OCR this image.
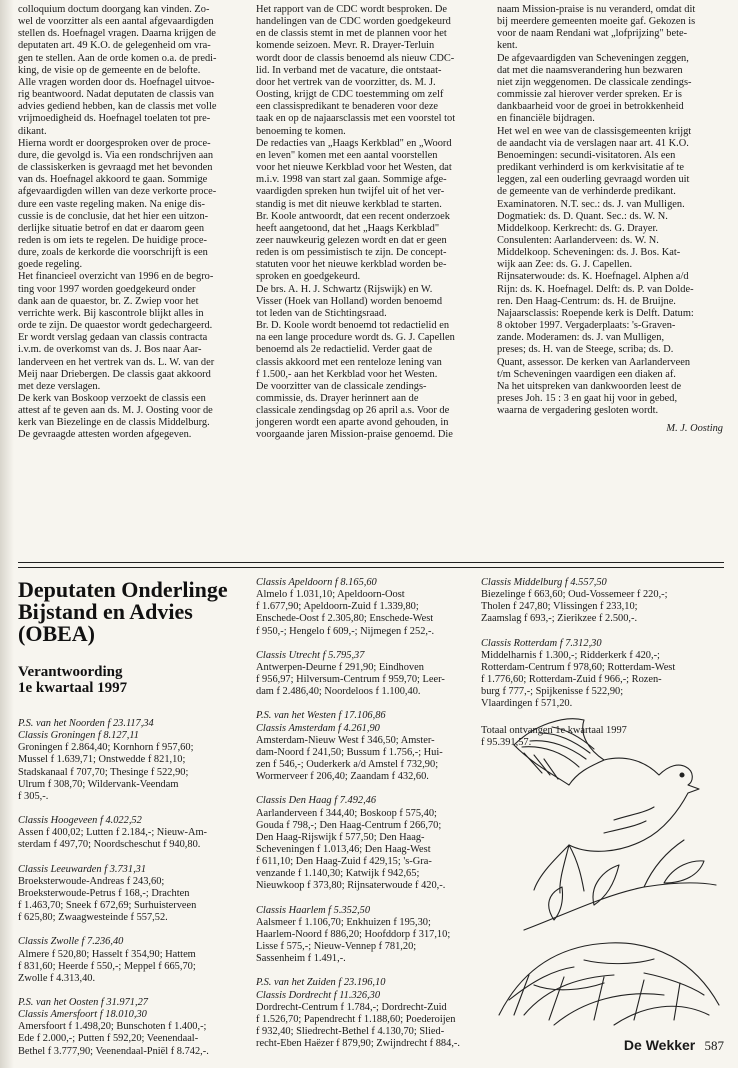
colloquium doctum doorgang kan vinden. Zo-

wel de voorzitter als een aantal afgevaardigden

stellen ds. Hoefnagel vragen. Daarna krijgen de

deputaten art. 49 K.O. de gelegenheid om vra-

gen te stellen. Aan de orde komen o.a. de predi-

king, de visie op de gemeente en de belofte.

Alle vragen worden door ds. Hoefnagel uitvoe-

rig beantwoord. Nadat deputaten de classis van

advies gediend hebben, kan de classis met volle

vrijmoedigheid ds. Hoefnagel toelaten tot pre-

dikant.

Hierna wordt er doorgesproken over de proce-

dure, die gevolgd is. Via een rondschrijven aan

de classiskerken is gevraagd met het bevonden

van ds. Hoefnagel akkoord te gaan. Sommige

afgevaardigden willen van deze verkorte proce-

dure een vaste regeling maken. Na enige dis-

cussie is de conclusie, dat het hier een uitzon-

derlijke situatie betrof en dat er daarom geen

reden is om iets te regelen. De huidige proce-

dure, zoals de kerkorde die voorschrijft is een

goede regeling.

Het financieel overzicht van 1996 en de begro-

ting voor 1997 worden goedgekeurd onder

dank aan de quaestor, br. Z. Zwiep voor het

verrichte werk. Bij kascontrole blijkt alles in

orde te zijn. De quaestor wordt gedechargeerd.

Er wordt verslag gedaan van classis contracta

i.v.m. de overkomst van ds. J. Bos naar Aar-

landerveen en het vertrek van ds. L. W. van der

Meij naar Driebergen. De classis gaat akkoord

met deze verslagen.

De kerk van Boskoop verzoekt de classis een

attest af te geven aan ds. M. J. Oosting voor de

kerk van Biezelinge en de classis Middelburg.

De gevraagde attesten worden afgegeven.

Het rapport van de CDC wordt besproken. De

handelingen van de CDC worden goedgekeurd

en de classis stemt in met de plannen voor het

komende seizoen. Mevr. R. Drayer-Terluin

wordt door de classis benoemd als nieuw CDC-

lid. In verband met de vacature, die ontstaat-

door het vertrek van de voorzitter, ds. M. J.

Oosting, krijgt de CDC toestemming om zelf

een classispredikant te benaderen voor deze

taak en op de najaarsclassis met een voorstel tot

benoeming te komen.

De redacties van „Haags Kerkblad" en „Woord

en leven" komen met een aantal voorstellen

voor het nieuwe Kerkblad voor het Westen, dat

m.i.v. 1998 van start zal gaan. Sommige afge-

vaardigden spreken hun twijfel uit of het ver-

standig is met dit nieuwe kerkblad te starten.

Br. Koole antwoordt, dat een recent onderzoek

heeft aangetoond, dat het „Haags Kerkblad"

zeer nauwkeurig gelezen wordt en dat er geen

reden is om pessimistisch te zijn. De concept-

statuten voor het nieuwe kerkblad worden be-

sproken en goedgekeurd.

De brs. A. H. J. Schwartz (Rijswijk) en W.

Visser (Hoek van Holland) worden benoemd

tot leden van de Stichtingsraad.

Br. D. Koole wordt benoemd tot redactielid en

na een lange procedure wordt ds. G. J. Capellen

benoemd als 2e redactielid. Verder gaat de

classis akkoord met een renteloze lening van

f 1.500,- aan het Kerkblad voor het Westen.

De voorzitter van de classicale zendings-

commissie, ds. Drayer herinnert aan de

classicale zendingsdag op 26 april a.s. Voor de

jongeren wordt een aparte avond gehouden, in

voorgaande jaren Mission-praise genoemd. Die

naam Mission-praise is nu veranderd, omdat dit

bij meerdere gemeenten moeite gaf. Gekozen is

voor de naam Rendani wat „lofprijzing" bete-

kent.

De afgevaardigden van Scheveningen zeggen,

dat met die naamsverandering hun bezwaren

niet zijn weggenomen. De classicale zendings-

commissie zal hierover verder spreken. Er is

dankbaarheid voor de groei in betrokkenheid

en financiële bijdragen.

Het wel en wee van de classisgemeenten krijgt

de aandacht via de verslagen naar art. 41 K.O.

Benoemingen: secundi-visitatoren. Als een

predikant verhinderd is om kerkvisitatie af te

leggen, zal een ouderling gevraagd worden uit

de gemeente van de verhinderde predikant.

Examinatoren. N.T. sec.: ds. J. van Mulligen.

Dogmatiek: ds. D. Quant. Sec.: ds. W. N.

Middelkoop. Kerkrecht: ds. G. Drayer.

Consulenten: Aarlanderveen: ds. W. N.

Middelkoop. Scheveningen: ds. J. Bos. Kat-

wijk aan Zee: ds. G. J. Capellen.

Rijnsaterwoude: ds. K. Hoefnagel. Alphen a/d

Rijn: ds. K. Hoefnagel. Delft: ds. P. van Dolde-

ren. Den Haag-Centrum: ds. H. de Bruijne.

Najaarsclassis: Roepende kerk is Delft. Datum:

8 oktober 1997. Vergaderplaats: 's-Graven-

zande. Moderamen: ds. J. van Mulligen,

preses; ds. H. van de Steege, scriba; ds. D.

Quant, assessor. De kerken van Aarlanderveen

t/m Scheveningen vaardigen een diaken af.

Na het uitspreken van dankwoorden leest de

preses Joh. 15 : 3 en gaat hij voor in gebed,

waarna de vergadering gesloten wordt.

M. J. Oosting

Deputaten Onderlinge
Bijstand en Advies
(OBEA)
Verantwoording
1e kwartaal 1997

P.S. van het Noorden f 23.117,34

Classis Groningen f 8.127,11

Groningen f 2.864,40; Kornhorn f 957,60;

Mussel f 1.639,71; Onstwedde f 821,10;

Stadskanaal f 707,70; Thesinge f 522,90;

Ulrum f 308,70; Wildervank-Veendam

f 305,-.

Classis Hoogeveen f 4.022,52

Assen f 400,02; Lutten f 2.184,-; Nieuw-Am-

sterdam f 497,70; Noordscheschut f 940,80.

Classis Leeuwarden f 3.731,31

Broeksterwoude-Andreas f 243,60;

Broeksterwoude-Petrus f 168,-; Drachten

f 1.463,70; Sneek f 672,69; Surhuisterveen

f 625,80; Zwaagwesteinde f 557,52.

Classis Zwolle f 7.236,40

Almere f 520,80; Hasselt f 354,90; Hattem

f 831,60; Heerde f 550,-; Meppel f 665,70;

Zwolle f 4.313,40.

P.S. van het Oosten f 31.971,27

Classis Amersfoort f 18.010,30

Amersfoort f 1.498,20; Bunschoten f 1.400,-;

Ede f 2.000,-; Putten f 592,20; Veenendaal-

Bethel f 3.777,90; Veenendaal-Pniël f 8.742,-.

Classis Apeldoorn f 8.165,60

Almelo f 1.031,10; Apeldoorn-Oost

f 1.677,90; Apeldoorn-Zuid f 1.339,80;

Enschede-Oost f 2.305,80; Enschede-West

f 950,-; Hengelo f 609,-; Nijmegen f 252,-.

Classis Utrecht f 5.795,37

Antwerpen-Deurne f 291,90; Eindhoven

f 956,97; Hilversum-Centrum f 959,70; Leer-

dam f 2.486,40; Noordeloos f 1.100,40.

P.S. van het Westen f 17.106,86

Classis Amsterdam f 4.261,90

Amsterdam-Nieuw West f 346,50; Amster-

dam-Noord f 241,50; Bussum f 1.756,-; Hui-

zen f 546,-; Ouderkerk a/d Amstel f 732,90;

Wormerveer f 206,40; Zaandam f 432,60.

Classis Den Haag f 7.492,46

Aarlanderveen f 344,40; Boskoop f 575,40;

Gouda f 798,-; Den Haag-Centrum f 266,70;

Den Haag-Rijswijk f 577,50; Den Haag-

Scheveningen f 1.013,46; Den Haag-West

f 611,10; Den Haag-Zuid f 429,15; 's-Gra-

venzande f 1.140,30; Katwijk f 942,65;

Nieuwkoop f 373,80; Rijnsaterwoude f 420,-.

Classis Haarlem f 5.352,50

Aalsmeer f 1.106,70; Enkhuizen f 195,30;

Haarlem-Noord f 886,20; Hoofddorp f 317,10;

Lisse f 575,-; Nieuw-Vennep f 781,20;

Sassenheim f 1.491,-.

P.S. van het Zuiden f 23.196,10

Classis Dordrecht f 11.326,30

Dordrecht-Centrum f 1.784,-; Dordrecht-Zuid

f 1.526,70; Papendrecht f 1.188,60; Poederoijen

f 932,40; Sliedrecht-Bethel f 4.130,70; Slied-

recht-Eben Haëzer f 879,90; Zwijndrecht f 884,-.

Classis Middelburg f 4.557,50

Biezelinge f 663,60; Oud-Vossemeer f 220,-;

Tholen f 247,80; Vlissingen f 233,10;

Zaamslag f 693,-; Zierikzee f 2.500,-.

Classis Rotterdam f 7.312,30

Middelharnis f 1.300,-; Ridderkerk f 420,-;

Rotterdam-Centrum f 978,60; Rotterdam-West

f 1.776,60; Rotterdam-Zuid f 966,-; Rozen-

burg f 777,-; Spijkenisse f 522,90;

Vlaardingen f 571,20.

Totaal ontvangen 1e kwartaal 1997
f 95.391,57.

De Wekker 587
